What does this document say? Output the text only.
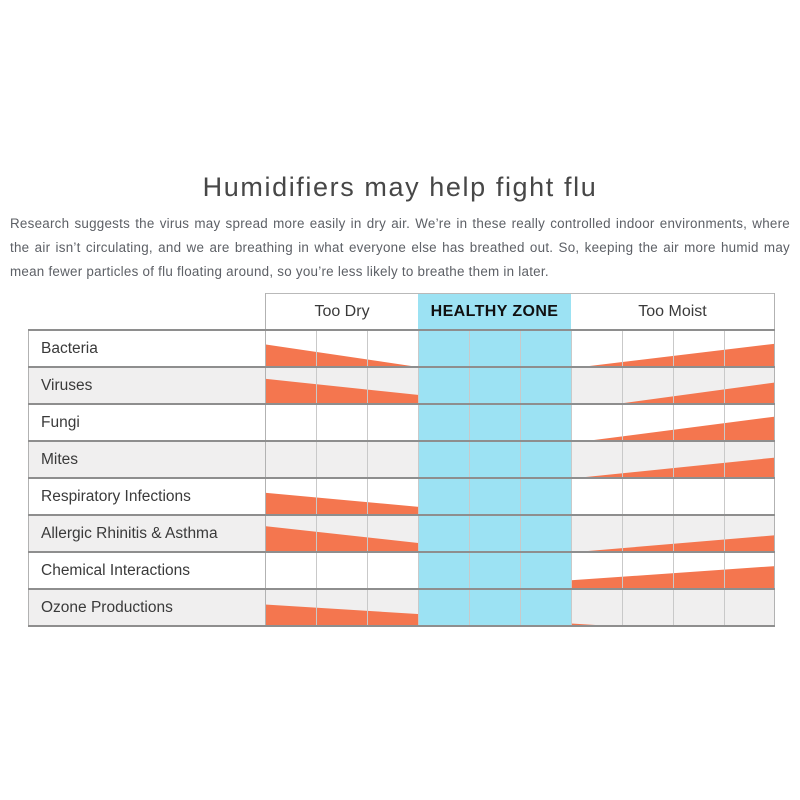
Humidifiers may help fight flu

Research suggests the virus may spread more easily in dry air. We’re in these really controlled indoor environments, where the air isn’t circulating, and we are breathing in what everyone else has breathed out. So, keeping the air more humid may mean fewer particles of flu floating around, so you’re less likely to breathe them in later.

Too Dry	HEALTHY ZONE	Too Moist
Bacteria
Viruses
Fungi
Mites
Respiratory Infections
Allergic Rhinitis & Asthma
Chemical Interactions
Ozone Productions
